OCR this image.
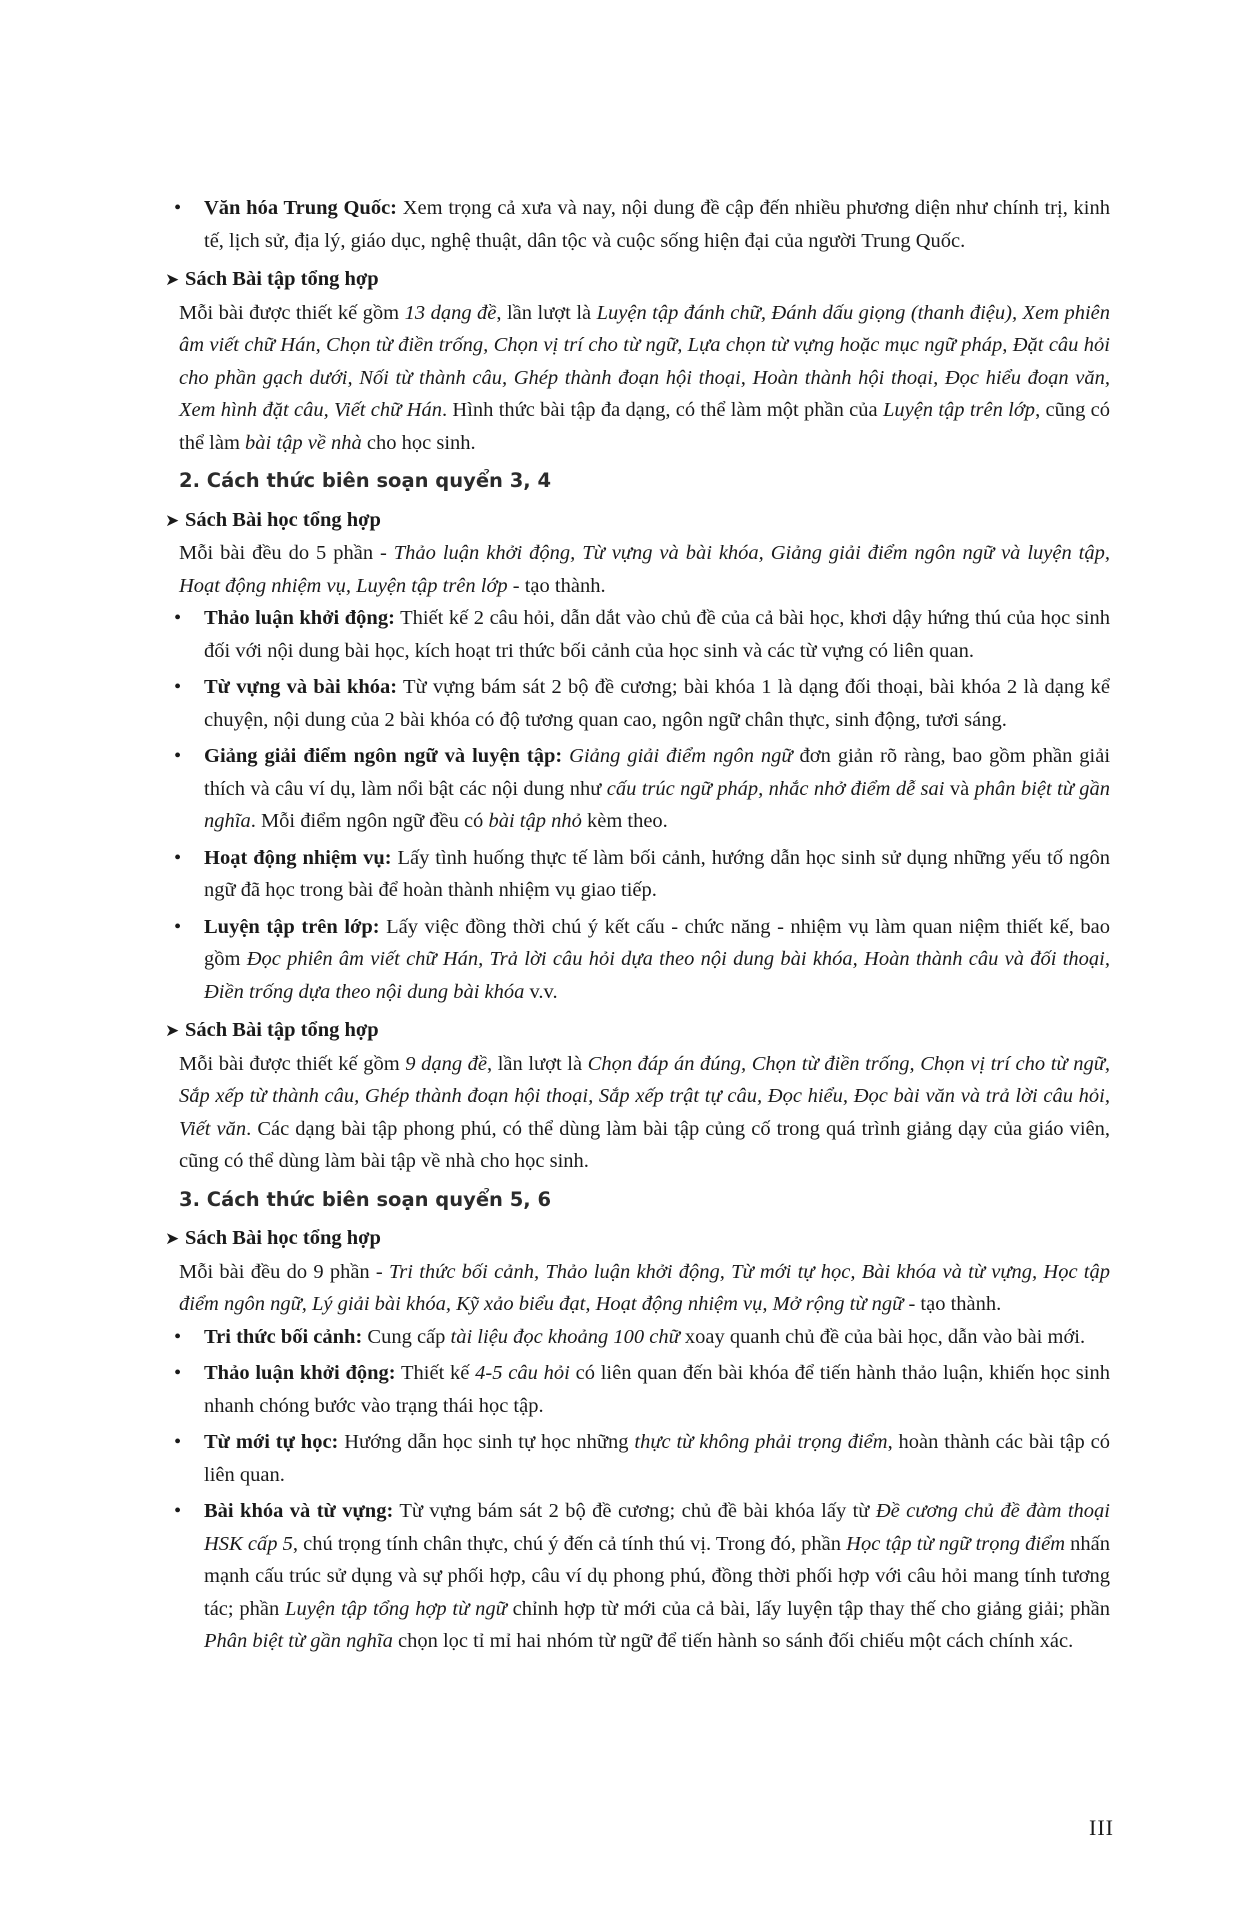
• Văn hóa Trung Quốc: Xem trọng cả xưa và nay, nội dung đề cập đến nhiều phương diện như chính trị, kinh tế, lịch sử, địa lý, giáo dục, nghệ thuật, dân tộc và cuộc sống hiện đại của người Trung Quốc.

➤ Sách Bài tập tổng hợp

Mỗi bài được thiết kế gồm 13 dạng đề, lần lượt là Luyện tập đánh chữ, Đánh dấu giọng (thanh điệu), Xem phiên âm viết chữ Hán, Chọn từ điền trống, Chọn vị trí cho từ ngữ, Lựa chọn từ vựng hoặc mục ngữ pháp, Đặt câu hỏi cho phần gạch dưới, Nối từ thành câu, Ghép thành đoạn hội thoại, Hoàn thành hội thoại, Đọc hiểu đoạn văn, Xem hình đặt câu, Viết chữ Hán. Hình thức bài tập đa dạng, có thể làm một phần của Luyện tập trên lớp, cũng có thể làm bài tập về nhà cho học sinh.

2. Cách thức biên soạn quyển 3, 4

➤ Sách Bài học tổng hợp

Mỗi bài đều do 5 phần - Thảo luận khởi động, Từ vựng và bài khóa, Giảng giải điểm ngôn ngữ và luyện tập, Hoạt động nhiệm vụ, Luyện tập trên lớp - tạo thành.

• Thảo luận khởi động: Thiết kế 2 câu hỏi, dẫn dắt vào chủ đề của cả bài học, khơi dậy hứng thú của học sinh đối với nội dung bài học, kích hoạt tri thức bối cảnh của học sinh và các từ vựng có liên quan.
• Từ vựng và bài khóa: Từ vựng bám sát 2 bộ đề cương; bài khóa 1 là dạng đối thoại, bài khóa 2 là dạng kể chuyện, nội dung của 2 bài khóa có độ tương quan cao, ngôn ngữ chân thực, sinh động, tươi sáng.
• Giảng giải điểm ngôn ngữ và luyện tập: Giảng giải điểm ngôn ngữ đơn giản rõ ràng, bao gồm phần giải thích và câu ví dụ, làm nổi bật các nội dung như cấu trúc ngữ pháp, nhắc nhở điểm dễ sai và phân biệt từ gần nghĩa. Mỗi điểm ngôn ngữ đều có bài tập nhỏ kèm theo.
• Hoạt động nhiệm vụ: Lấy tình huống thực tế làm bối cảnh, hướng dẫn học sinh sử dụng những yếu tố ngôn ngữ đã học trong bài để hoàn thành nhiệm vụ giao tiếp.
• Luyện tập trên lớp: Lấy việc đồng thời chú ý kết cấu - chức năng - nhiệm vụ làm quan niệm thiết kế, bao gồm Đọc phiên âm viết chữ Hán, Trả lời câu hỏi dựa theo nội dung bài khóa, Hoàn thành câu và đối thoại, Điền trống dựa theo nội dung bài khóa v.v.

➤ Sách Bài tập tổng hợp

Mỗi bài được thiết kế gồm 9 dạng đề, lần lượt là Chọn đáp án đúng, Chọn từ điền trống, Chọn vị trí cho từ ngữ, Sắp xếp từ thành câu, Ghép thành đoạn hội thoại, Sắp xếp trật tự câu, Đọc hiểu, Đọc bài văn và trả lời câu hỏi, Viết văn. Các dạng bài tập phong phú, có thể dùng làm bài tập củng cố trong quá trình giảng dạy của giáo viên, cũng có thể dùng làm bài tập về nhà cho học sinh.

3. Cách thức biên soạn quyển 5, 6

➤ Sách Bài học tổng hợp

Mỗi bài đều do 9 phần - Tri thức bối cảnh, Thảo luận khởi động, Từ mới tự học, Bài khóa và từ vựng, Học tập điểm ngôn ngữ, Lý giải bài khóa, Kỹ xảo biểu đạt, Hoạt động nhiệm vụ, Mở rộng từ ngữ - tạo thành.

• Tri thức bối cảnh: Cung cấp tài liệu đọc khoảng 100 chữ xoay quanh chủ đề của bài học, dẫn vào bài mới.
• Thảo luận khởi động: Thiết kế 4-5 câu hỏi có liên quan đến bài khóa để tiến hành thảo luận, khiến học sinh nhanh chóng bước vào trạng thái học tập.
• Từ mới tự học: Hướng dẫn học sinh tự học những thực từ không phải trọng điểm, hoàn thành các bài tập có liên quan.
• Bài khóa và từ vựng: Từ vựng bám sát 2 bộ đề cương; chủ đề bài khóa lấy từ Đề cương chủ đề đàm thoại HSK cấp 5, chú trọng tính chân thực, chú ý đến cả tính thú vị. Trong đó, phần Học tập từ ngữ trọng điểm nhấn mạnh cấu trúc sử dụng và sự phối hợp, câu ví dụ phong phú, đồng thời phối hợp với câu hỏi mang tính tương tác; phần Luyện tập tổng hợp từ ngữ chỉnh hợp từ mới của cả bài, lấy luyện tập thay thế cho giảng giải; phần Phân biệt từ gần nghĩa chọn lọc tỉ mỉ hai nhóm từ ngữ để tiến hành so sánh đối chiếu một cách chính xác.
III
